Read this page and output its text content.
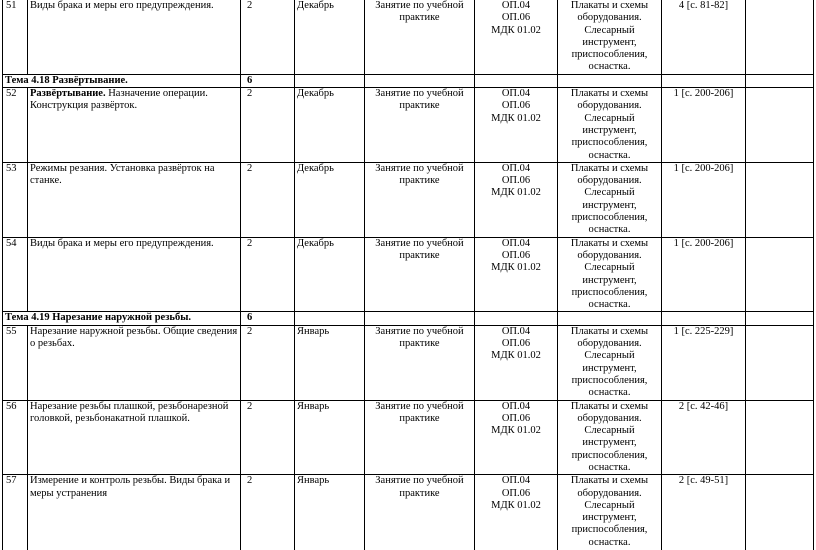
51	Виды брака и меры его предупреждения.	2	Декабрь	Занятие по учебной практике	ОП.04
ОП.06
МДК 01.02	Плакаты и схемы оборудования. Слесарный инструмент, приспособления, оснастка.	4 [с. 81-82]	
Тема 4.18 Развёртывание.		6						
52	Развёртывание. Назначение операции. Конструкция развёрток.	2	Декабрь	Занятие по учебной практике	ОП.04
ОП.06
МДК 01.02	Плакаты и схемы оборудования. Слесарный инструмент, приспособления, оснастка.	1 [с. 200-206]	
53	Режимы резания. Установка развёрток на станке.	2	Декабрь	Занятие по учебной практике	ОП.04
ОП.06
МДК 01.02	Плакаты и схемы оборудования. Слесарный инструмент, приспособления, оснастка.	1 [с. 200-206]	
54	Виды брака и меры его предупреждения.	2	Декабрь	Занятие по учебной практике	ОП.04
ОП.06
МДК 01.02	Плакаты и схемы оборудования. Слесарный инструмент, приспособления, оснастка.	1 [с. 200-206]	
Тема 4.19 Нарезание наружной резьбы.		6						
55	Нарезание наружной резьбы. Общие сведения о резьбах.	2	Январь	Занятие по учебной практике	ОП.04
ОП.06
МДК 01.02	Плакаты и схемы оборудования. Слесарный инструмент, приспособления, оснастка.	1 [с. 225-229]	
56	Нарезание резьбы плашкой, резьбонарезной головкой, резьбонакатной плашкой.	2	Январь	Занятие по учебной практике	ОП.04
ОП.06
МДК 01.02	Плакаты и схемы оборудования. Слесарный инструмент, приспособления, оснастка.	2 [с. 42-46]	
57	Измерение и контроль резьбы. Виды брака и меры устранения	2	Январь	Занятие по учебной практике	ОП.04
ОП.06
МДК 01.02	Плакаты и схемы оборудования. Слесарный инструмент, приспособления, оснастка.	2 [с. 49-51]	
